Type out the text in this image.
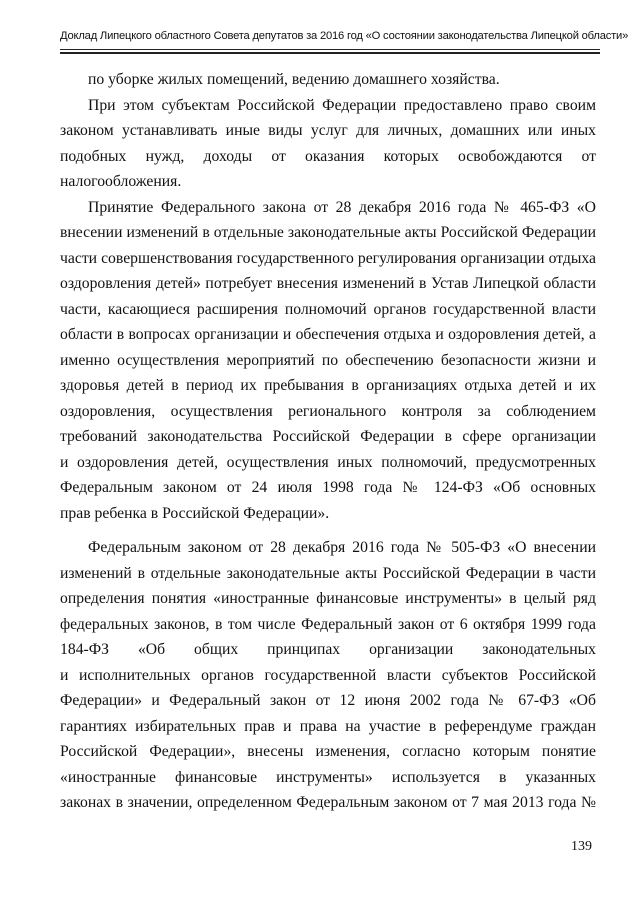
Доклад Липецкого областного Совета депутатов за 2016 год «О состоянии законодательства Липецкой области»
по уборке жилых помещений, ведению домашнего хозяйства.
При этом субъектам Российской Федерации предоставлено право своим
законом устанавливать иные виды услуг для личных, домашних или иных
подобных нужд, доходы от оказания которых освобождаются от
налогообложения.
Принятие Федерального закона от 28 декабря 2016 года № 465-ФЗ «О
внесении изменений в отдельные законодательные акты Российской Федерации
части совершенствования государственного регулирования организации отдыха
оздоровления детей» потребует внесения изменений в Устав Липецкой области
части, касающиеся расширения полномочий органов государственной власти
области в вопросах организации и обеспечения отдыха и оздоровления детей, а
именно осуществления мероприятий по обеспечению безопасности жизни и
здоровья детей в период их пребывания в организациях отдыха детей и их
оздоровления, осуществления регионального контроля за соблюдением
требований законодательства Российской Федерации в сфере организации
и оздоровления детей, осуществления иных полномочий, предусмотренных
Федеральным законом от 24 июля 1998 года № 124-ФЗ «Об основных
прав ребенка в Российской Федерации».
Федеральным законом от 28 декабря 2016 года № 505-ФЗ «О внесении
изменений в отдельные законодательные акты Российской Федерации в части
определения понятия «иностранные финансовые инструменты» в целый ряд
федеральных законов, в том числе Федеральный закон от 6 октября 1999 года
184-ФЗ «Об общих принципах организации законодательных
и исполнительных органов государственной власти субъектов Российской
Федерации» и Федеральный закон от 12 июня 2002 года № 67-ФЗ «Об
гарантиях избирательных прав и права на участие в референдуме граждан
Российской Федерации», внесены изменения, согласно которым понятие
«иностранные финансовые инструменты» используется в указанных
законах в значении, определенном Федеральным законом от 7 мая 2013 года №
139
